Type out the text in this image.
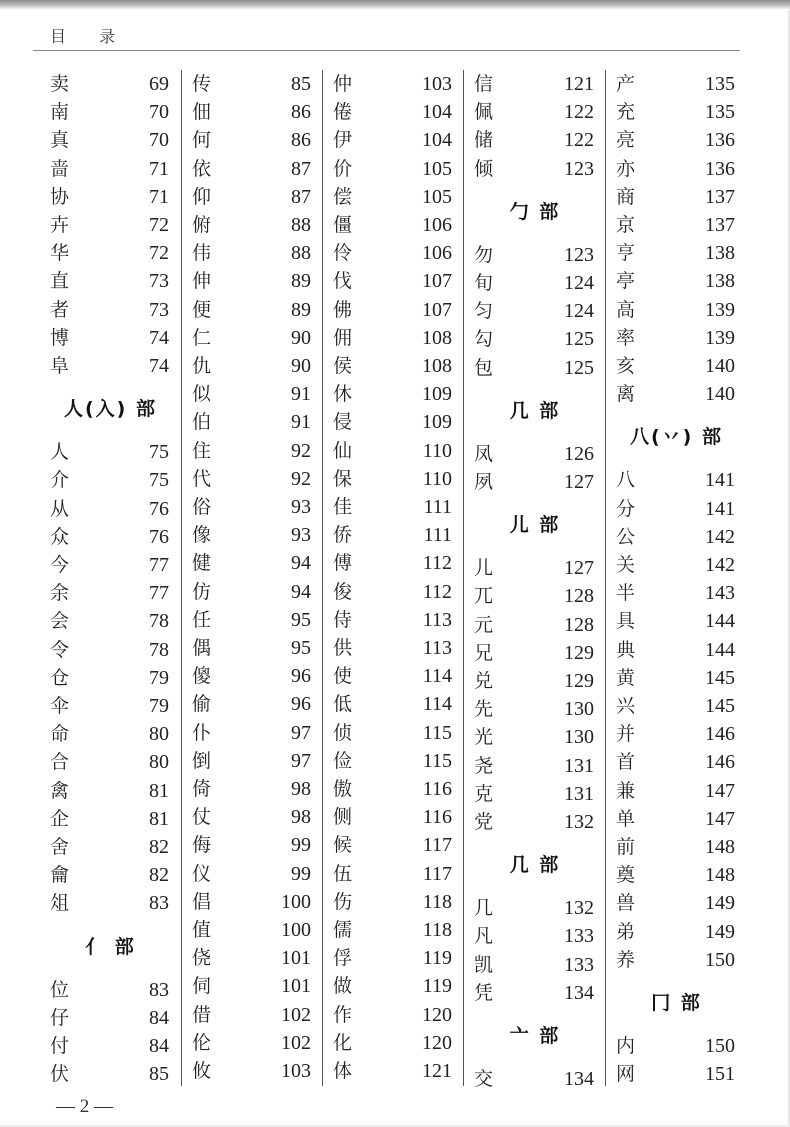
目 录
卖	69
南	70
真	70
啬	71
协	71
卉	72
华	72
直	73
者	73
博	74
阜	74
人(入) 部
人	75
介	75
从	76
众	76
今	77
余	77
会	78
令	78
仓	79
伞	79
命	80
合	80
禽	81
企	81
舍	82
龠	82
俎	83
亻 部
位	83
仔	84
付	84
伏	85
传	85
佃	86
何	86
依	87
仰	87
俯	88
伟	88
伸	89
便	89
仁	90
仇	90
似	91
伯	91
住	92
代	92
俗	93
像	93
健	94
仿	94
任	95
偶	95
傻	96
偷	96
仆	97
倒	97
倚	98
仗	98
侮	99
仪	99
倡	100
值	100
侥	101
伺	101
借	102
伦	102
攸	103
仲	103
倦	104
伊	104
价	105
偿	105
僵	106
伶	106
伐	107
佛	107
佣	108
侯	108
休	109
侵	109
仙	110
保	110
佳	111
侨	111
傅	112
俊	112
侍	113
供	113
使	114
低	114
侦	115
俭	115
傲	116
侧	116
候	117
伍	117
伤	118
儒	118
俘	119
做	119
作	120
化	120
体	121
信	121
佩	122
储	122
倾	123
勹 部
勿	123
旬	124
匀	124
勾	125
包	125
几 部
凤	126
夙	127
儿 部
儿	127
兀	128
元	128
兄	129
兑	129
先	130
光	130
尧	131
克	131
党	132
几 部
几	132
凡	133
凯	133
凭	134
亠 部
交	134
产	135
充	135
亮	136
亦	136
商	137
京	137
亨	138
亭	138
高	139
率	139
亥	140
离	140
八(丷) 部
八	141
分	141
公	142
关	142
半	143
具	144
典	144
黄	145
兴	145
并	146
首	146
兼	147
单	147
前	148
奠	148
兽	149
弟	149
养	150
冂 部
内	150
网	151
— 2 —
